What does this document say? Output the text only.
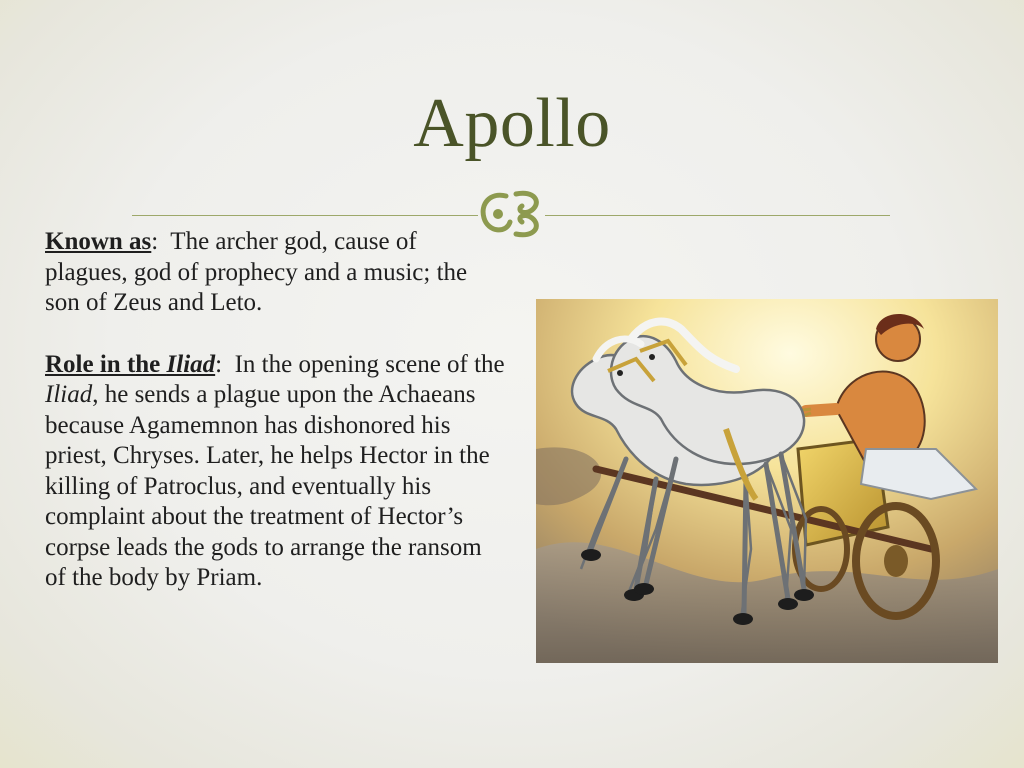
Apollo

Known as:  The archer god, cause of plagues, god of prophecy and a music; the son of Zeus and Leto.

Role in the Iliad:  In the opening scene of the Iliad, he sends a plague upon the Achaeans because Agamemnon has dishonored his priest, Chryses. Later, he helps Hector in the killing of Patroclus, and eventually his complaint about the treatment of Hector’s corpse leads the gods to arrange the ransom of the body by Priam.
